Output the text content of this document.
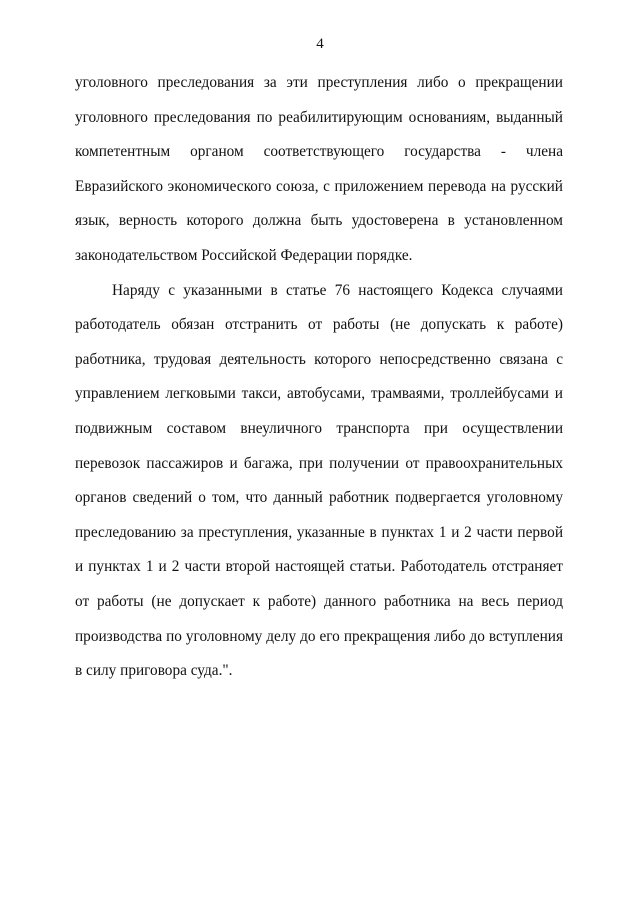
4

уголовного преследования за эти преступления либо о прекращении уголовного преследования по реабилитирующим основаниям, выданный компетентным органом соответствующего государства - члена Евразийского экономического союза, с приложением перевода на русский язык, верность которого должна быть удостоверена в установленном законодательством Российской Федерации порядке.

Наряду с указанными в статье 76 настоящего Кодекса случаями работодатель обязан отстранить от работы (не допускать к работе) работника, трудовая деятельность которого непосредственно связана с управлением легковыми такси, автобусами, трамваями, троллейбусами и подвижным составом внеуличного транспорта при осуществлении перевозок пассажиров и багажа, при получении от правоохранительных органов сведений о том, что данный работник подвергается уголовному преследованию за преступления, указанные в пунктах 1 и 2 части первой и пунктах 1 и 2 части второй настоящей статьи. Работодатель отстраняет от работы (не допускает к работе) данного работника на весь период производства по уголовному делу до его прекращения либо до вступления в силу приговора суда.".
